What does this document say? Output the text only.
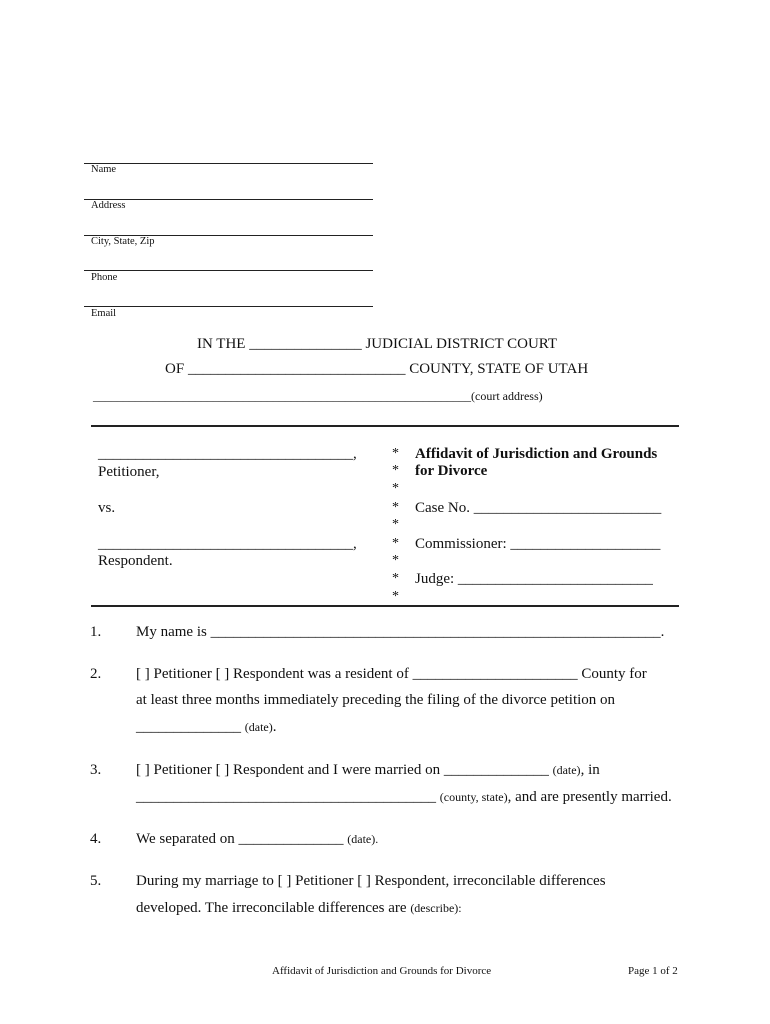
Name
Address
City, State, Zip
Phone
Email
IN THE _______________ JUDICIAL DISTRICT COURT
OF _____________________________ COUNTY, STATE OF UTAH
_______________________________________________________________(court address)
__________________________________,
Petitioner,
vs.
__________________________________,
Respondent.
*
*
*
*
*
*
*
*
*
Affidavit of Jurisdiction and Grounds
for Divorce
Case No. _________________________
Commissioner: ____________________
Judge: __________________________
1. My name is ____________________________________________________________.
2. [ ] Petitioner [ ] Respondent was a resident of ______________________ County for
at least three months immediately preceding the filing of the divorce petition on
______________ (date).
3. [ ] Petitioner [ ] Respondent and I were married on ______________ (date), in
________________________________________ (county, state), and are presently married.
4. We separated on ______________ (date).
5. During my marriage to [ ] Petitioner [ ] Respondent, irreconcilable differences
developed. The irreconcilable differences are (describe):
Affidavit of Jurisdiction and Grounds for Divorce	Page 1 of 2
